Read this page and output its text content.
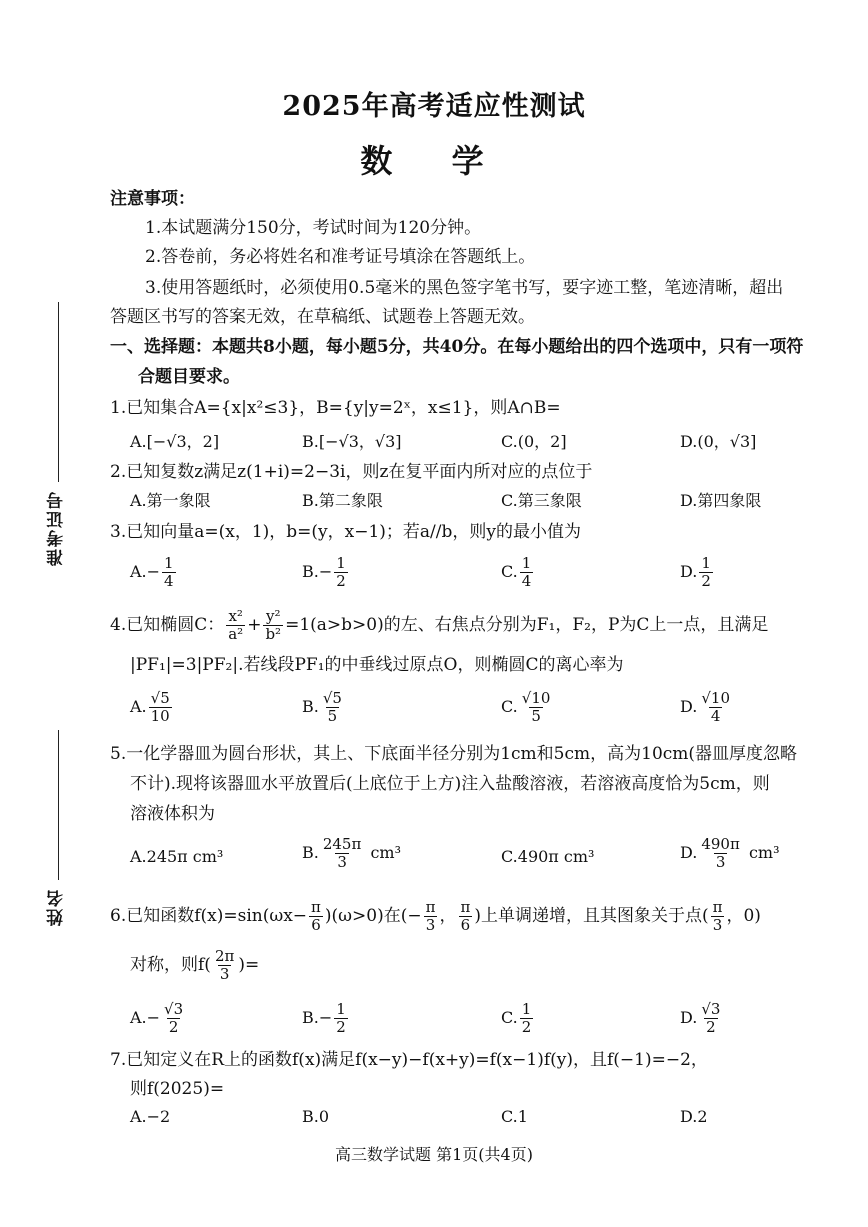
准考证号
姓名
2025年高考适应性测试
数 学
注意事项：
1.本试题满分150分，考试时间为120分钟。
2.答卷前，务必将姓名和准考证号填涂在答题纸上。
3.使用答题纸时，必须使用0.5毫米的黑色签字笔书写，要字迹工整，笔迹清晰，超出
答题区书写的答案无效，在草稿纸、试题卷上答题无效。
一、选择题：本题共8小题，每小题5分，共40分。在每小题给出的四个选项中，只有一项符
合题目要求。
1.已知集合A={x|x²≤3}，B={y|y=2ˣ，x≤1}，则A∩B=
A.[−√3，2]	B.[−√3，√3]	C.(0，2]	D.(0，√3]
2.已知复数z满足z(1+i)=2−3i，则z在复平面内所对应的点位于
A.第一象限	B.第二象限	C.第三象限	D.第四象限
3.已知向量a=(x，1)，b=(y，x−1)；若a//b，则y的最小值为
$A.- \frac{1}{4}$	$B.- \frac{1}{2}$	C. $\frac{1}{4}$	D. $\frac{1}{2}$
4.已知椭圆C： $\frac{\text{x²}}{\text{a²}} + \frac{\text{y²}}{\text{b²}} =1(a>b>0)$的左、右焦点分别为F₁，F₂，P为C上一点，且满足
|PF₁|=3|PF₂|.若线段PF₁的中垂线过原点O，则椭圆C的离心率为
A. $\frac{√5}{10}$	B. $\frac{√5}{5}$	C. $\frac{√10}{5}$	D. $\frac{√10}{4}$
5.一化学器皿为圆台形状，其上、下底面半径分别为1cm和5cm，高为10cm(器皿厚度忽略
不计).现将该器皿水平放置后(上底位于上方)注入盐酸溶液，若溶液高度恰为5cm，则
溶液体积为
A.245π cm³	B. $\frac{245\pi}{3} cm^3$	C.490π cm³	D. $\frac{490\pi}{3} cm^3$
6.已知函数$f(x)=\sin(\omega x- \frac{\pi}{6} )(\omega>0)$在(− $\frac{\pi}{3}$ ， $\frac{\pi}{6}$ )上单调递增，且其图象关于点( $\frac{\pi}{3}$ ，0)
对称，则$f( \frac{2\pi}{3}$ )=
$A.- \frac{√3}{2}$	$B.- \frac{1}{2}$	C. $\frac{1}{2}$	D. $\frac{√3}{2}$
7.已知定义在R上的函数f(x)满足f(x−y)−f(x+y)=f(x−1)f(y)，且f(−1)=−2，
则f(2025)=
A.−2	B.0	C.1	D.2
高三数学试题 第1页(共4页)
